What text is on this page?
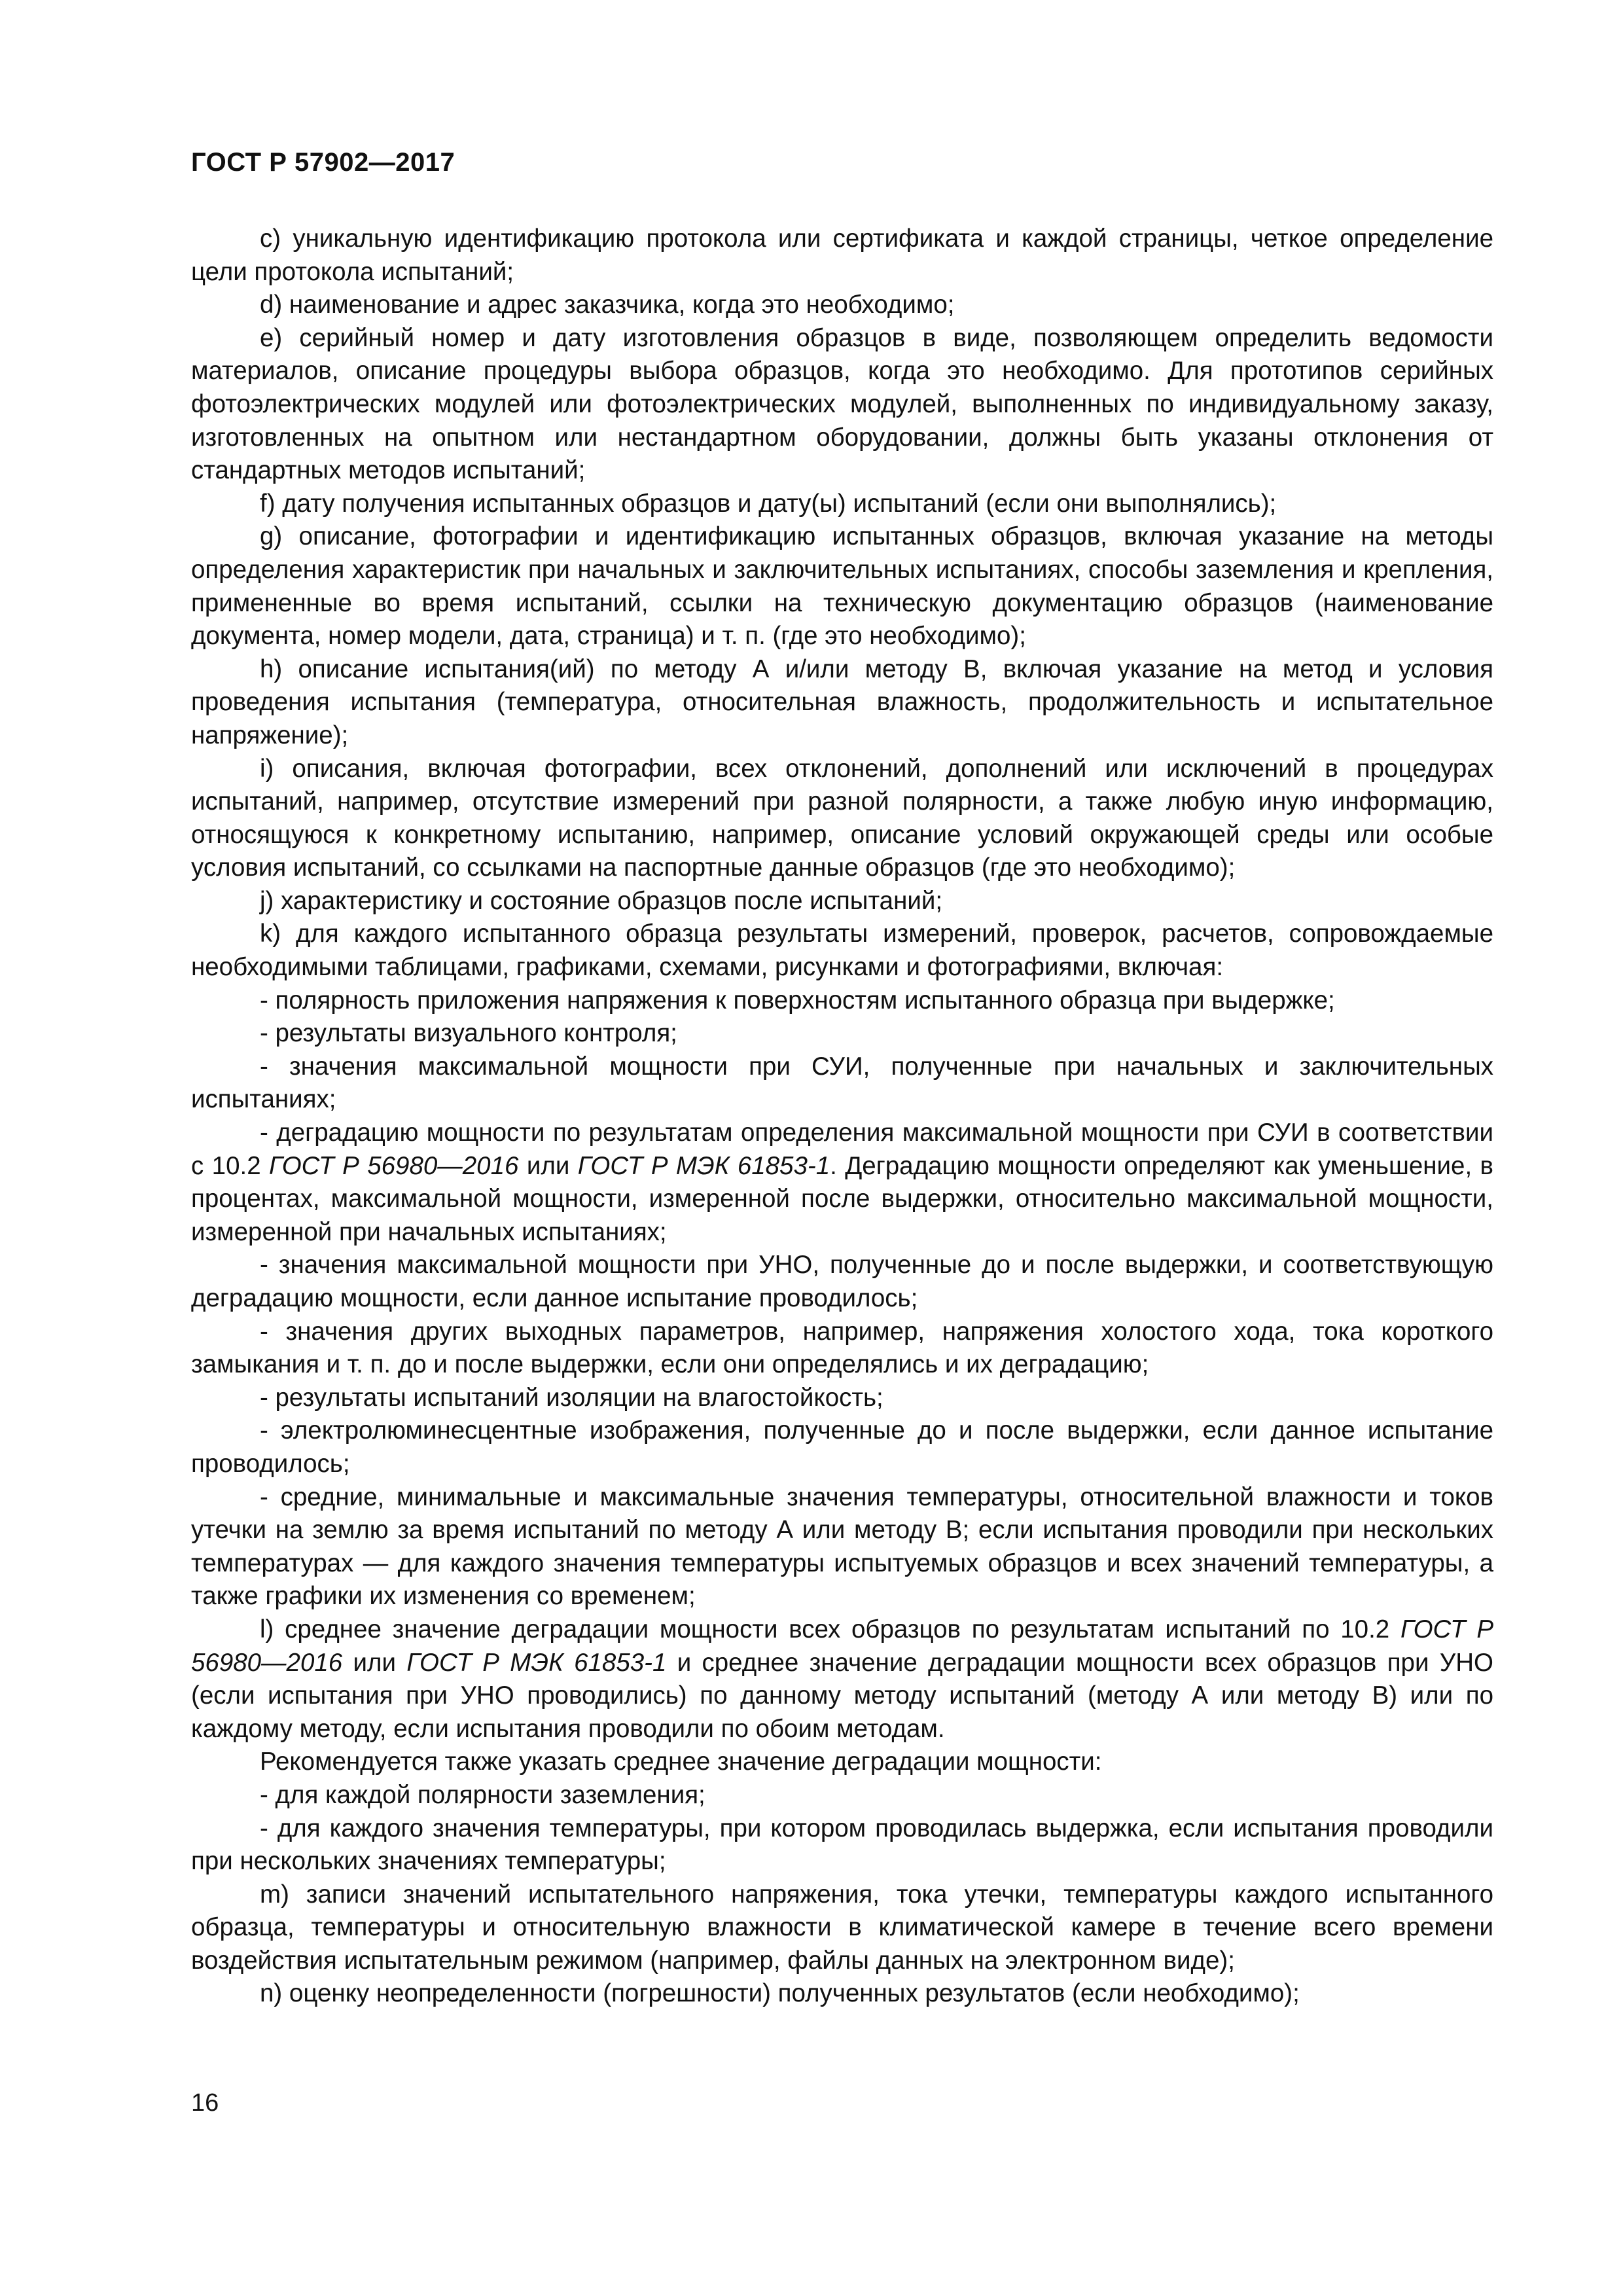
ГОСТ Р 57902—2017

c) уникальную идентификацию протокола или сертификата и каждой страницы, четкое определение цели протокола испытаний;

d) наименование и адрес заказчика, когда это необходимо;

e) серийный номер и дату изготовления образцов в виде, позволяющем определить ведомости материалов, описание процедуры выбора образцов, когда это необходимо. Для прототипов серийных фотоэлектрических модулей или фотоэлектрических модулей, выполненных по индивидуальному заказу, изготовленных на опытном или нестандартном оборудовании, должны быть указаны отклонения от стандартных методов испытаний;

f) дату получения испытанных образцов и дату(ы) испытаний (если они выполнялись);

g) описание, фотографии и идентификацию испытанных образцов, включая указание на методы определения характеристик при начальных и заключительных испытаниях, способы заземления и крепления, примененные во время испытаний, ссылки на техническую документацию образцов (наименование документа, номер модели, дата, страница) и т. п. (где это необходимо);

h) описание испытания(ий) по методу А и/или методу В, включая указание на метод и условия проведения испытания (температура, относительная влажность, продолжительность и испытательное напряжение);

i) описания, включая фотографии, всех отклонений, дополнений или исключений в процедурах испытаний, например, отсутствие измерений при разной полярности, а также любую иную информацию, относящуюся к конкретному испытанию, например, описание условий окружающей среды или особые условия испытаний, со ссылками на паспортные данные образцов (где это необходимо);

j) характеристику и состояние образцов после испытаний;

k) для каждого испытанного образца результаты измерений, проверок, расчетов, сопровождаемые необходимыми таблицами, графиками, схемами, рисунками и фотографиями, включая:

- полярность приложения напряжения к поверхностям испытанного образца при выдержке;

- результаты визуального контроля;

- значения максимальной мощности при СУИ, полученные при начальных и заключительных испытаниях;

- деградацию мощности по результатам определения максимальной мощности при СУИ в соответствии с 10.2 ГОСТ Р 56980—2016 или ГОСТ Р МЭК 61853-1. Деградацию мощности определяют как уменьшение, в процентах, максимальной мощности, измеренной после выдержки, относительно максимальной мощности, измеренной при начальных испытаниях;

- значения максимальной мощности при УНО, полученные до и после выдержки, и соответствующую деградацию мощности, если данное испытание проводилось;

- значения других выходных параметров, например, напряжения холостого хода, тока короткого замыкания и т. п. до и после выдержки, если они определялись и их деградацию;

- результаты испытаний изоляции на влагостойкость;

- электролюминесцентные изображения, полученные до и после выдержки, если данное испытание проводилось;

- средние, минимальные и максимальные значения температуры, относительной влажности и токов утечки на землю за время испытаний по методу А или методу В; если испытания проводили при нескольких температурах — для каждого значения температуры испытуемых образцов и всех значений температуры, а также графики их изменения со временем;

l) среднее значение деградации мощности всех образцов по результатам испытаний по 10.2 ГОСТ Р 56980—2016 или ГОСТ Р МЭК 61853-1 и среднее значение деградации мощности всех образцов при УНО (если испытания при УНО проводились) по данному методу испытаний (методу А или методу В) или по каждому методу, если испытания проводили по обоим методам.

Рекомендуется также указать среднее значение деградации мощности:

- для каждой полярности заземления;

- для каждого значения температуры, при котором проводилась выдержка, если испытания проводили при нескольких значениях температуры;

m) записи значений испытательного напряжения, тока утечки, температуры каждого испытанного образца, температуры и относительную влажности в климатической камере в течение всего времени воздействия испытательным режимом (например, файлы данных на электронном виде);

n) оценку неопределенности (погрешности) полученных результатов (если необходимо);

16
